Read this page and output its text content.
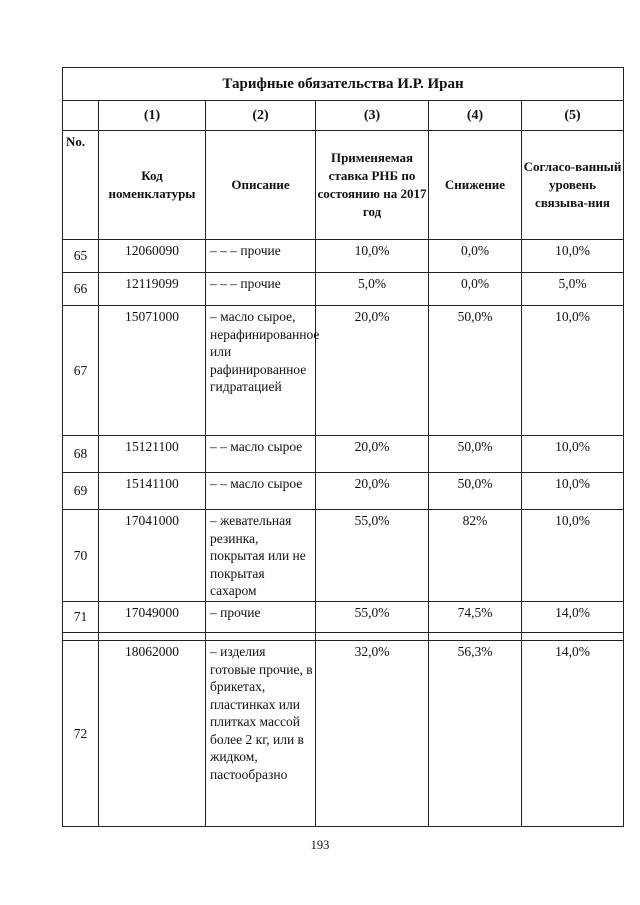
Тарифные обязательства И.Р. Иран					
	(1)	(2)	(3)	(4)	(5)
No.	Код номенклатуры	Описание	Применяемая ставка РНБ по состоянию на 2017 год	Снижение	Согласо-ванный уровень связыва-ния
65	12060090	– – – прочие	10,0%	0,0%	10,0%
66	12119099	– – – прочие	5,0%	0,0%	5,0%
67	15071000	– масло сырое, нерафинированное или рафинированное гидратацией	20,0%	50,0%	10,0%
68	15121100	– – масло сырое	20,0%	50,0%	10,0%
69	15141100	– – масло сырое	20,0%	50,0%	10,0%
70	17041000	– жевательная резинка, покрытая или не покрытая сахаром	55,0%	82%	10,0%
71	17049000	– прочие	55,0%	74,5%	14,0%

72	18062000	– изделия готовые прочие, в брикетах, пластинках или плитках массой более 2 кг, или в жидком, пастообразно	32,0%	56,3%	14,0%
193
